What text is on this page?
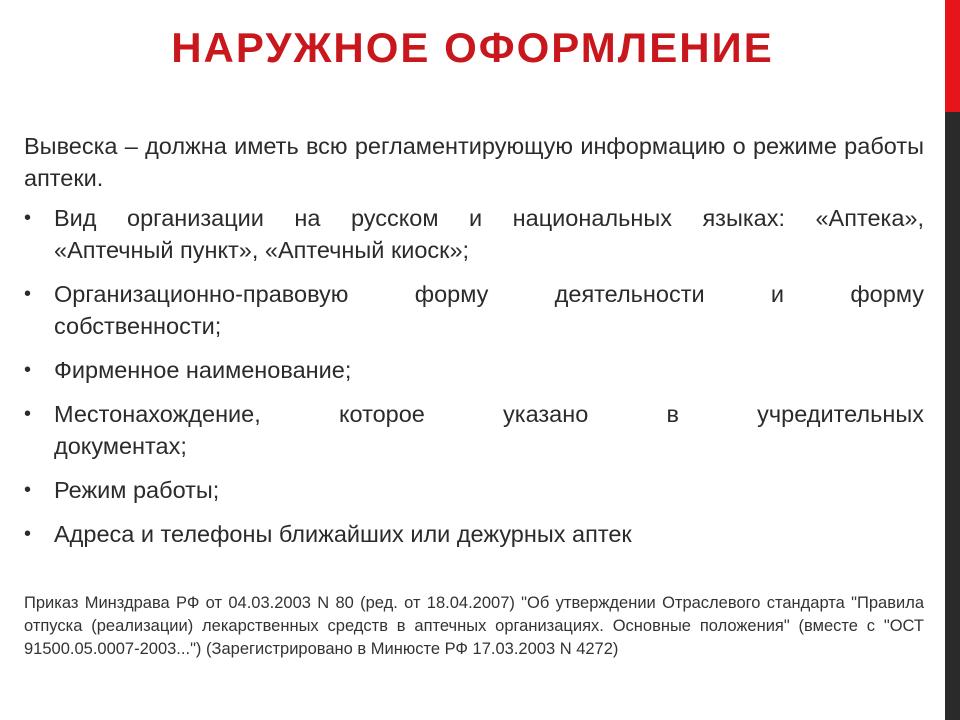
НАРУЖНОЕ ОФОРМЛЕНИЕ

Вывеска – должна иметь всю регламентирующую информацию о режиме работы аптеки.

• Вид организации на русском и национальных языках: «Аптека»,
«Аптечный пункт», «Аптечный киоск»;
• Организационно-правовую форму деятельности и форму
собственности;
• Фирменное наименование;
• Местонахождение, которое указано в учредительных
документах;
• Режим работы;
• Адреса и телефоны ближайших или дежурных аптек
Приказ Минздрава РФ от 04.03.2003 N 80 (ред. от 18.04.2007) "Об утверждении Отраслевого стандарта "Правила отпуска (реализации) лекарственных средств в аптечных организациях. Основные положения" (вместе с "ОСТ 91500.05.0007-2003...") (Зарегистрировано в Минюсте РФ 17.03.2003 N 4272)
